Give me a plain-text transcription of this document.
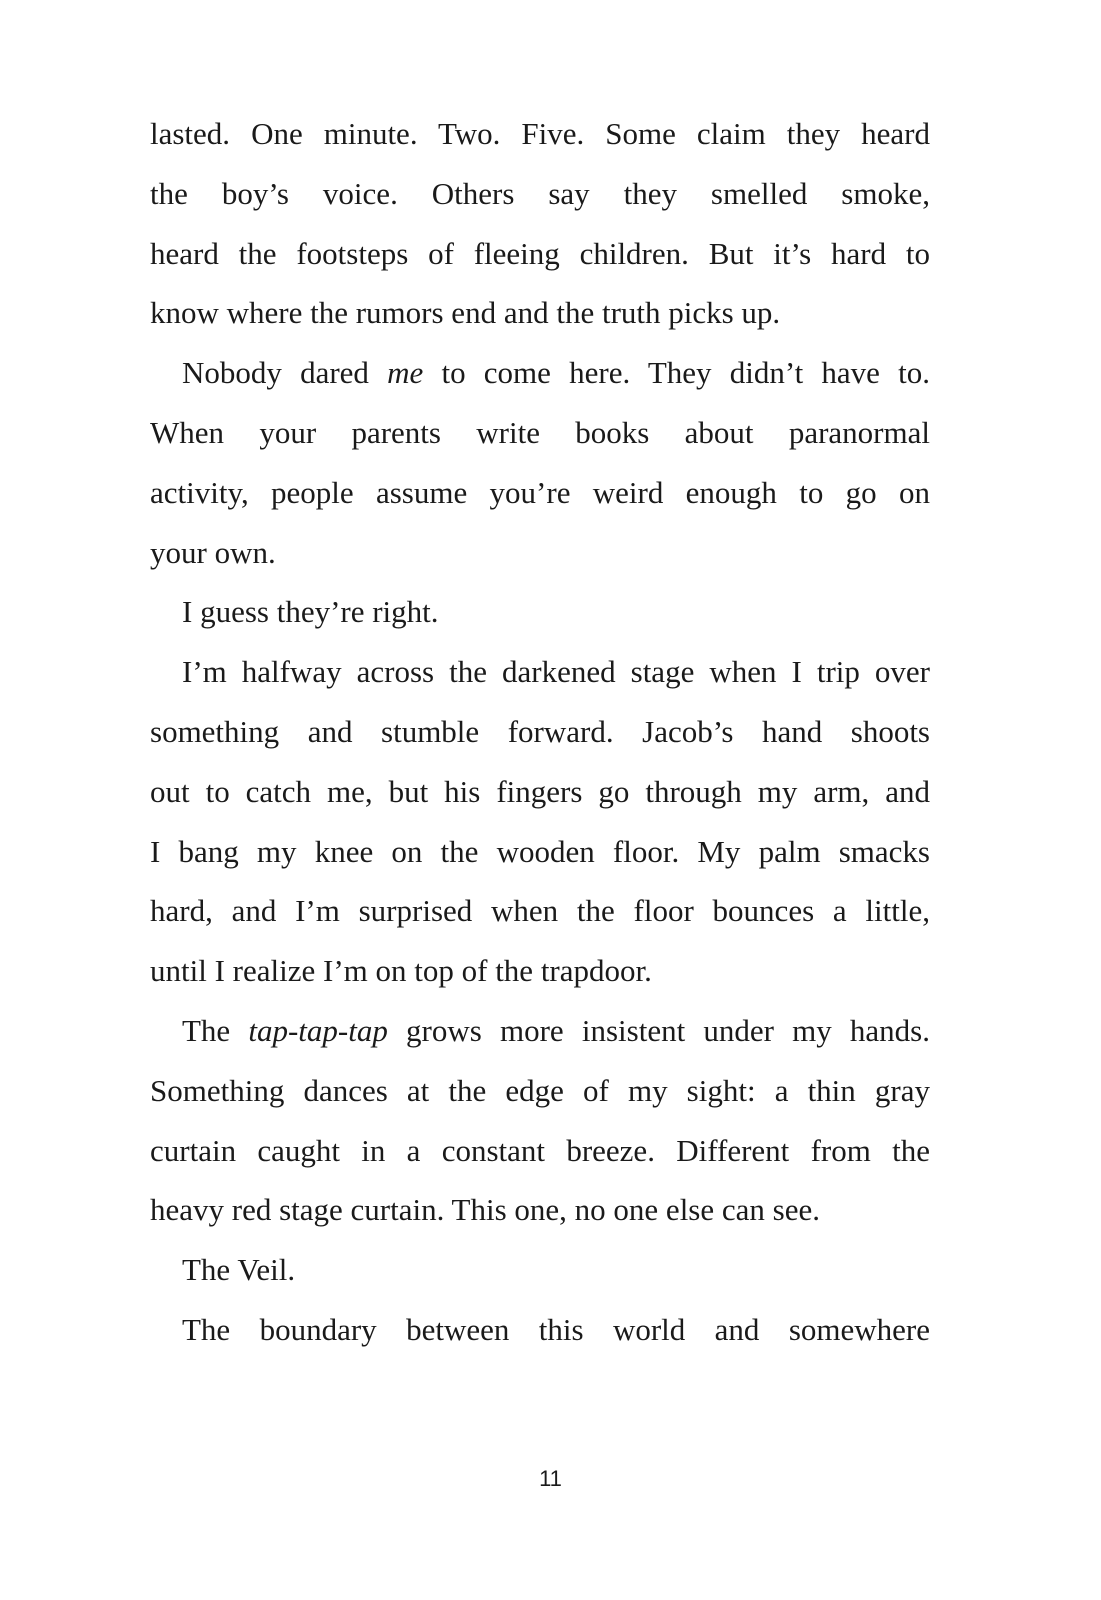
lasted. One minute. Two. Five. Some claim they heard
the boy’s voice. Others say they smelled smoke,
heard the footsteps of fleeing children. But it’s hard to
know where the rumors end and the truth picks up.
Nobody dared me to come here. They didn’t have to.
When your parents write books about paranormal
activity, people assume you’re weird enough to go on
your own.
I guess they’re right.
I’m halfway across the darkened stage when I trip over
something and stumble forward. Jacob’s hand shoots
out to catch me, but his fingers go through my arm, and
I bang my knee on the wooden floor. My palm smacks
hard, and I’m surprised when the floor bounces a little,
until I realize I’m on top of the trapdoor.
The tap-tap-tap grows more insistent under my hands.
Something dances at the edge of my sight: a thin gray
curtain caught in a constant breeze. Different from the
heavy red stage curtain. This one, no one else can see.
The Veil.
The boundary between this world and somewhere
11
